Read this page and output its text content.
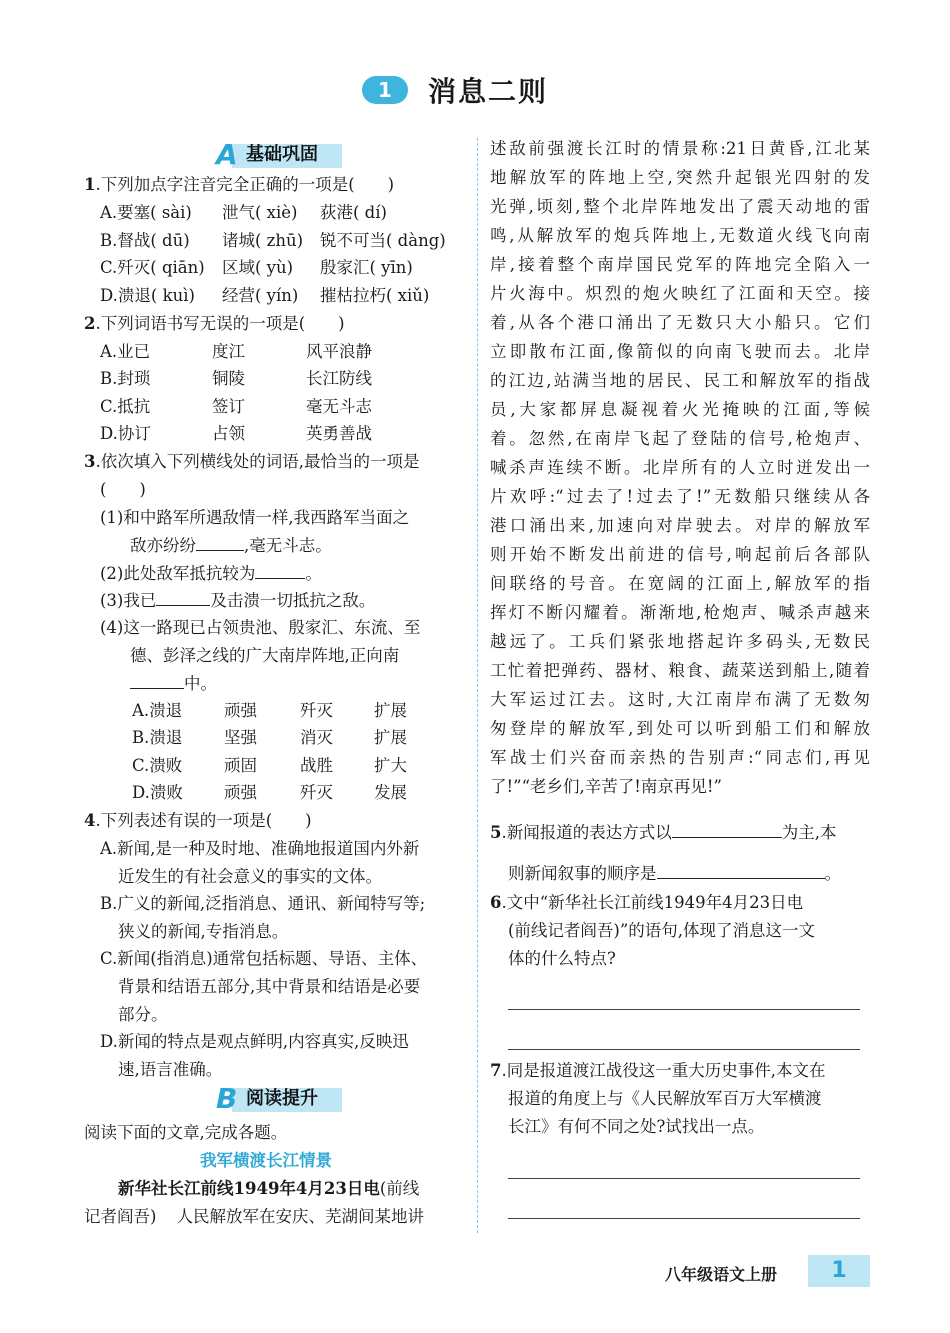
1	消息二则
A 基础巩固
1.下列加点字注音完全正确的一项是(　　)
A.要塞( sài) 泄气( xiè) 荻港( dí)
B.督战( dū) 诸城( zhū) 锐不可当( dàng)
C.歼灭( qiān) 区域( yù) 殷家汇( yīn)
D.溃退( kuì) 经营( yín) 摧枯拉朽( xiǔ)
2.下列词语书写无误的一项是(　　)
A.业已	度江	风平浪静
B.封琐	铜陵	长江防线
C.抵抗	签订	毫无斗志
D.协订	占领	英勇善战
3.依次填入下列横线处的词语,最恰当的一项是
(　　)
(1)和中路军所遇敌情一样,我西路军当面之
敌亦纷纷	,毫无斗志。
(2)此处敌军抵抗较为	。
(3)我已	及击溃一切抵抗之敌。
(4)这一路现已占领贵池、殷家汇、东流、至
德、彭泽之线的广大南岸阵地,正向南
中。
A.溃退	顽强	歼灭 扩展
B.溃退	坚强	消灭 扩展
C.溃败	顽固	战胜 扩大
D.溃败 顽强	歼灭 发展
4.下列表述有误的一项是(　　)
A.新闻,是一种及时地、准确地报道国内外新
近发生的有社会意义的事实的文体。
B.广义的新闻,泛指消息、通讯、新闻特写等;
狭义的新闻,专指消息。
C.新闻(指消息)通常包括标题、导语、主体、
背景和结语五部分,其中背景和结语是必要
部分。
D.新闻的特点是观点鲜明,内容真实,反映迅
速,语言准确。
B 阅读提升
阅读下面的文章,完成各题。
我军横渡长江情景
新华社长江前线1949年4月23日电(前线
记者阎吾) 人民解放军在安庆、芜湖间某地讲
述敌前强渡长江时的情景称:21日黄昏,江北某
地解放军的阵地上空,突然升起银光四射的发
光弹,顷刻,整个北岸阵地发出了震天动地的雷
鸣,从解放军的炮兵阵地上,无数道火线飞向南
岸,接着整个南岸国民党军的阵地完全陷入一
片火海中。炽烈的炮火映红了江面和天空。接
着,从各个港口涌出了无数只大小船只。它们
立即散布江面,像箭似的向南飞驶而去。北岸
的江边,站满当地的居民、民工和解放军的指战
员,大家都屏息凝视着火光掩映的江面,等候
着。忽然,在南岸飞起了登陆的信号,枪炮声、
喊杀声连续不断。北岸所有的人立时迸发出一
片欢呼:“过去了!过去了!”无数船只继续从各
港口涌出来,加速向对岸驶去。对岸的解放军
则开始不断发出前进的信号,响起前后各部队
间联络的号音。在宽阔的江面上,解放军的指
挥灯不断闪耀着。渐渐地,枪炮声、喊杀声越来
越远了。工兵们紧张地搭起许多码头,无数民
工忙着把弹药、器材、粮食、蔬菜送到船上,随着
大军运过江去。这时,大江南岸布满了无数匆
匆登岸的解放军,到处可以听到船工们和解放
军战士们兴奋而亲热的告别声:“同志们,再见
了!”“老乡们,辛苦了!南京再见!”
5.新闻报道的表达方式以	为主,本
则新闻叙事的顺序是	。
6.文中“新华社长江前线1949年4月23日电
(前线记者阎吾)”的语句,体现了消息这一文
体的什么特点?
7.同是报道渡江战役这一重大历史事件,本文在
报道的角度上与《人民解放军百万大军横渡
长江》有何不同之处?试找出一点。
八年级语文上册	1
